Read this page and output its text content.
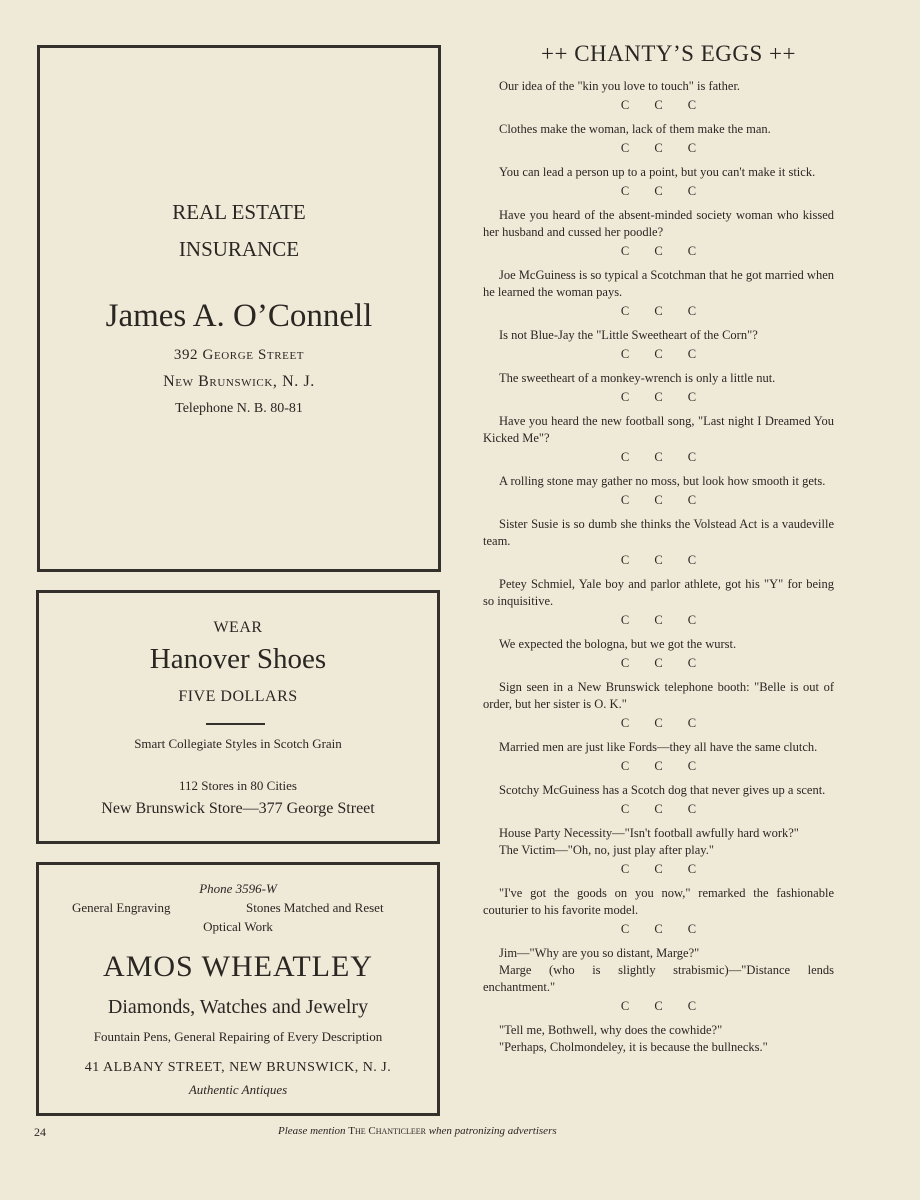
REAL ESTATE
INSURANCE
James A. O’Connell
392 George Street
New Brunswick, N. J.
Telephone N. B. 80-81
WEAR
Hanover Shoes
FIVE DOLLARS
Smart Collegiate Styles in Scotch Grain
112 Stores in 80 Cities
New Brunswick Store—377 George Street
Phone 3596-W
General Engraving	Stones Matched and Reset
Optical Work
AMOS WHEATLEY
Diamonds, Watches and Jewelry
Fountain Pens, General Repairing of Every Description
41 ALBANY STREET, NEW BRUNSWICK, N. J.
Authentic Antiques
++ CHANTY’S EGGS ++

Our idea of the "kin you love to touch" is father.

C C C

Clothes make the woman, lack of them make the man.

C C C

You can lead a person up to a point, but you can't make it stick.

C C C

Have you heard of the absent-minded society woman who kissed her husband and cussed her poodle?

C C C

Joe McGuiness is so typical a Scotchman that he got married when he learned the woman pays.

C C C

Is not Blue-Jay the "Little Sweetheart of the Corn"?

C C C

The sweetheart of a monkey-wrench is only a little nut.

C C C

Have you heard the new football song, "Last night I Dreamed You Kicked Me"?

C C C

A rolling stone may gather no moss, but look how smooth it gets.

C C C

Sister Susie is so dumb she thinks the Volstead Act is a vaudeville team.

C C C

Petey Schmiel, Yale boy and parlor athlete, got his "Y" for being so inquisitive.

C C C

We expected the bologna, but we got the wurst.

C C C

Sign seen in a New Brunswick telephone booth: "Belle is out of order, but her sister is O. K."

C C C

Married men are just like Fords—they all have the same clutch.

C C C

Scotchy McGuiness has a Scotch dog that never gives up a scent.

C C C

House Party Necessity—"Isn't football awfully hard work?"

The Victim—"Oh, no, just play after play."

C C C

"I've got the goods on you now," remarked the fashionable couturier to his favorite model.

C C C

Jim—"Why are you so distant, Marge?"

Marge (who is slightly strabismic)—"Distance lends enchantment."

C C C

"Tell me, Bothwell, why does the cowhide?"

"Perhaps, Cholmondeley, it is because the bullnecks."

24	Please mention The Chanticleer when patronizing advertisers
